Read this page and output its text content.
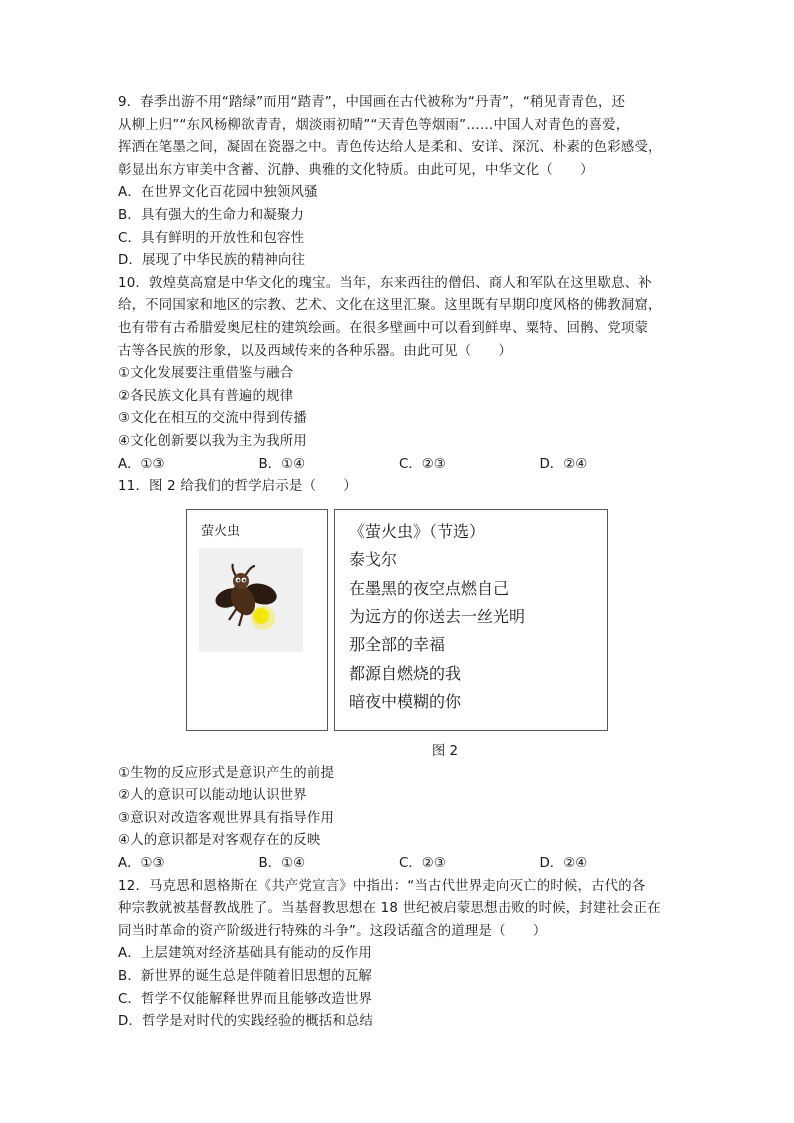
9．春季出游不用“踏绿”而用“踏青”，中国画在古代被称为“丹青”，“稍见青青色，还
从柳上归”“东风杨柳欲青青，烟淡雨初晴”“天青色等烟雨”……中国人对青色的喜爱，
挥洒在笔墨之间，凝固在瓷器之中。青色传达给人是柔和、安详、深沉、朴素的色彩感受，
彰显出东方审美中含蓄、沉静、典雅的文化特质。由此可见，中华文化（　　）
A．在世界文化百花园中独领风骚
B．具有强大的生命力和凝聚力
C．具有鲜明的开放性和包容性
D．展现了中华民族的精神向往
10．敦煌莫高窟是中华文化的瑰宝。当年，东来西往的僧侣、商人和军队在这里歇息、补
给，不同国家和地区的宗教、艺术、文化在这里汇聚。这里既有早期印度风格的佛教洞窟，
也有带有古希腊爱奥尼柱的建筑绘画。在很多壁画中可以看到鲜卑、粟特、回鹘、党项蒙
古等各民族的形象，以及西域传来的各种乐器。由此可见（　　）
①文化发展要注重借鉴与融合
②各民族文化具有普遍的规律
③文化在相互的交流中得到传播
④文化创新要以我为主为我所用
A．①③	B．①④	C．②③	D．②④
11．图 2 给我们的哲学启示是（　　）
萤火虫	《萤火虫》（节选）
泰戈尔
在墨黑的夜空点燃自己
为远方的你送去一丝光明
那全部的幸福
都源自燃烧的我
暗夜中模糊的你
图 2
①生物的反应形式是意识产生的前提
②人的意识可以能动地认识世界
③意识对改造客观世界具有指导作用
④人的意识都是对客观存在的反映
A．①③	B．①④	C．②③	D．②④
12．马克思和恩格斯在《共产党宣言》中指出：“当古代世界走向灭亡的时候，古代的各
种宗教就被基督教战胜了。当基督教思想在 18 世纪被启蒙思想击败的时候，封建社会正在
同当时革命的资产阶级进行特殊的斗争”。这段话蕴含的道理是（　　）
A．上层建筑对经济基础具有能动的反作用
B．新世界的诞生总是伴随着旧思想的瓦解
C．哲学不仅能解释世界而且能够改造世界
D．哲学是对时代的实践经验的概括和总结
